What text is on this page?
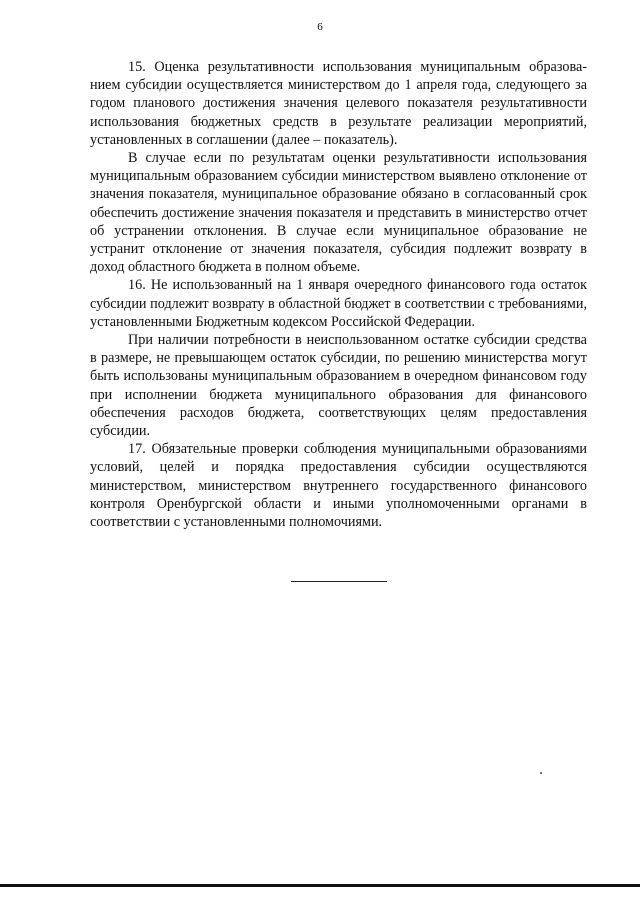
6

15. Оценка результативности использования муниципальным образованием субсидии осуществляется министерством до 1 апреля года, следующего за годом планового достижения значения целевого показателя результативности использования бюджетных средств в результате реализации мероприятий, установленных в соглашении (далее – показатель).

В случае если по результатам оценки результативности использования муниципальным образованием субсидии министерством выявлено отклонение от значения показателя, муниципальное образование обязано в согласованный срок обеспечить достижение значения показателя и представить в министерство отчет об устранении отклонения. В случае если муниципальное образование не устранит отклонение от значения показателя, субсидия подлежит возврату в доход областного бюджета в полном объеме.

16. Не использованный на 1 января очередного финансового года остаток субсидии подлежит возврату в областной бюджет в соответствии с требованиями, установленными Бюджетным кодексом Российской Федерации.

При наличии потребности в неиспользованном остатке субсидии средства в размере, не превышающем остаток субсидии, по решению министерства могут быть использованы муниципальным образованием в очередном финансовом году при исполнении бюджета муниципального образования для финансового обеспечения расходов бюджета, соответствующих целям предоставления субсидии.

17. Обязательные проверки соблюдения муниципальными образованиями условий, целей и порядка предоставления субсидии осуществляются министерством, министерством внутреннего государственного финансового контроля Оренбургской области и иными уполномоченными органами в соответствии с установленными полномочиями.
